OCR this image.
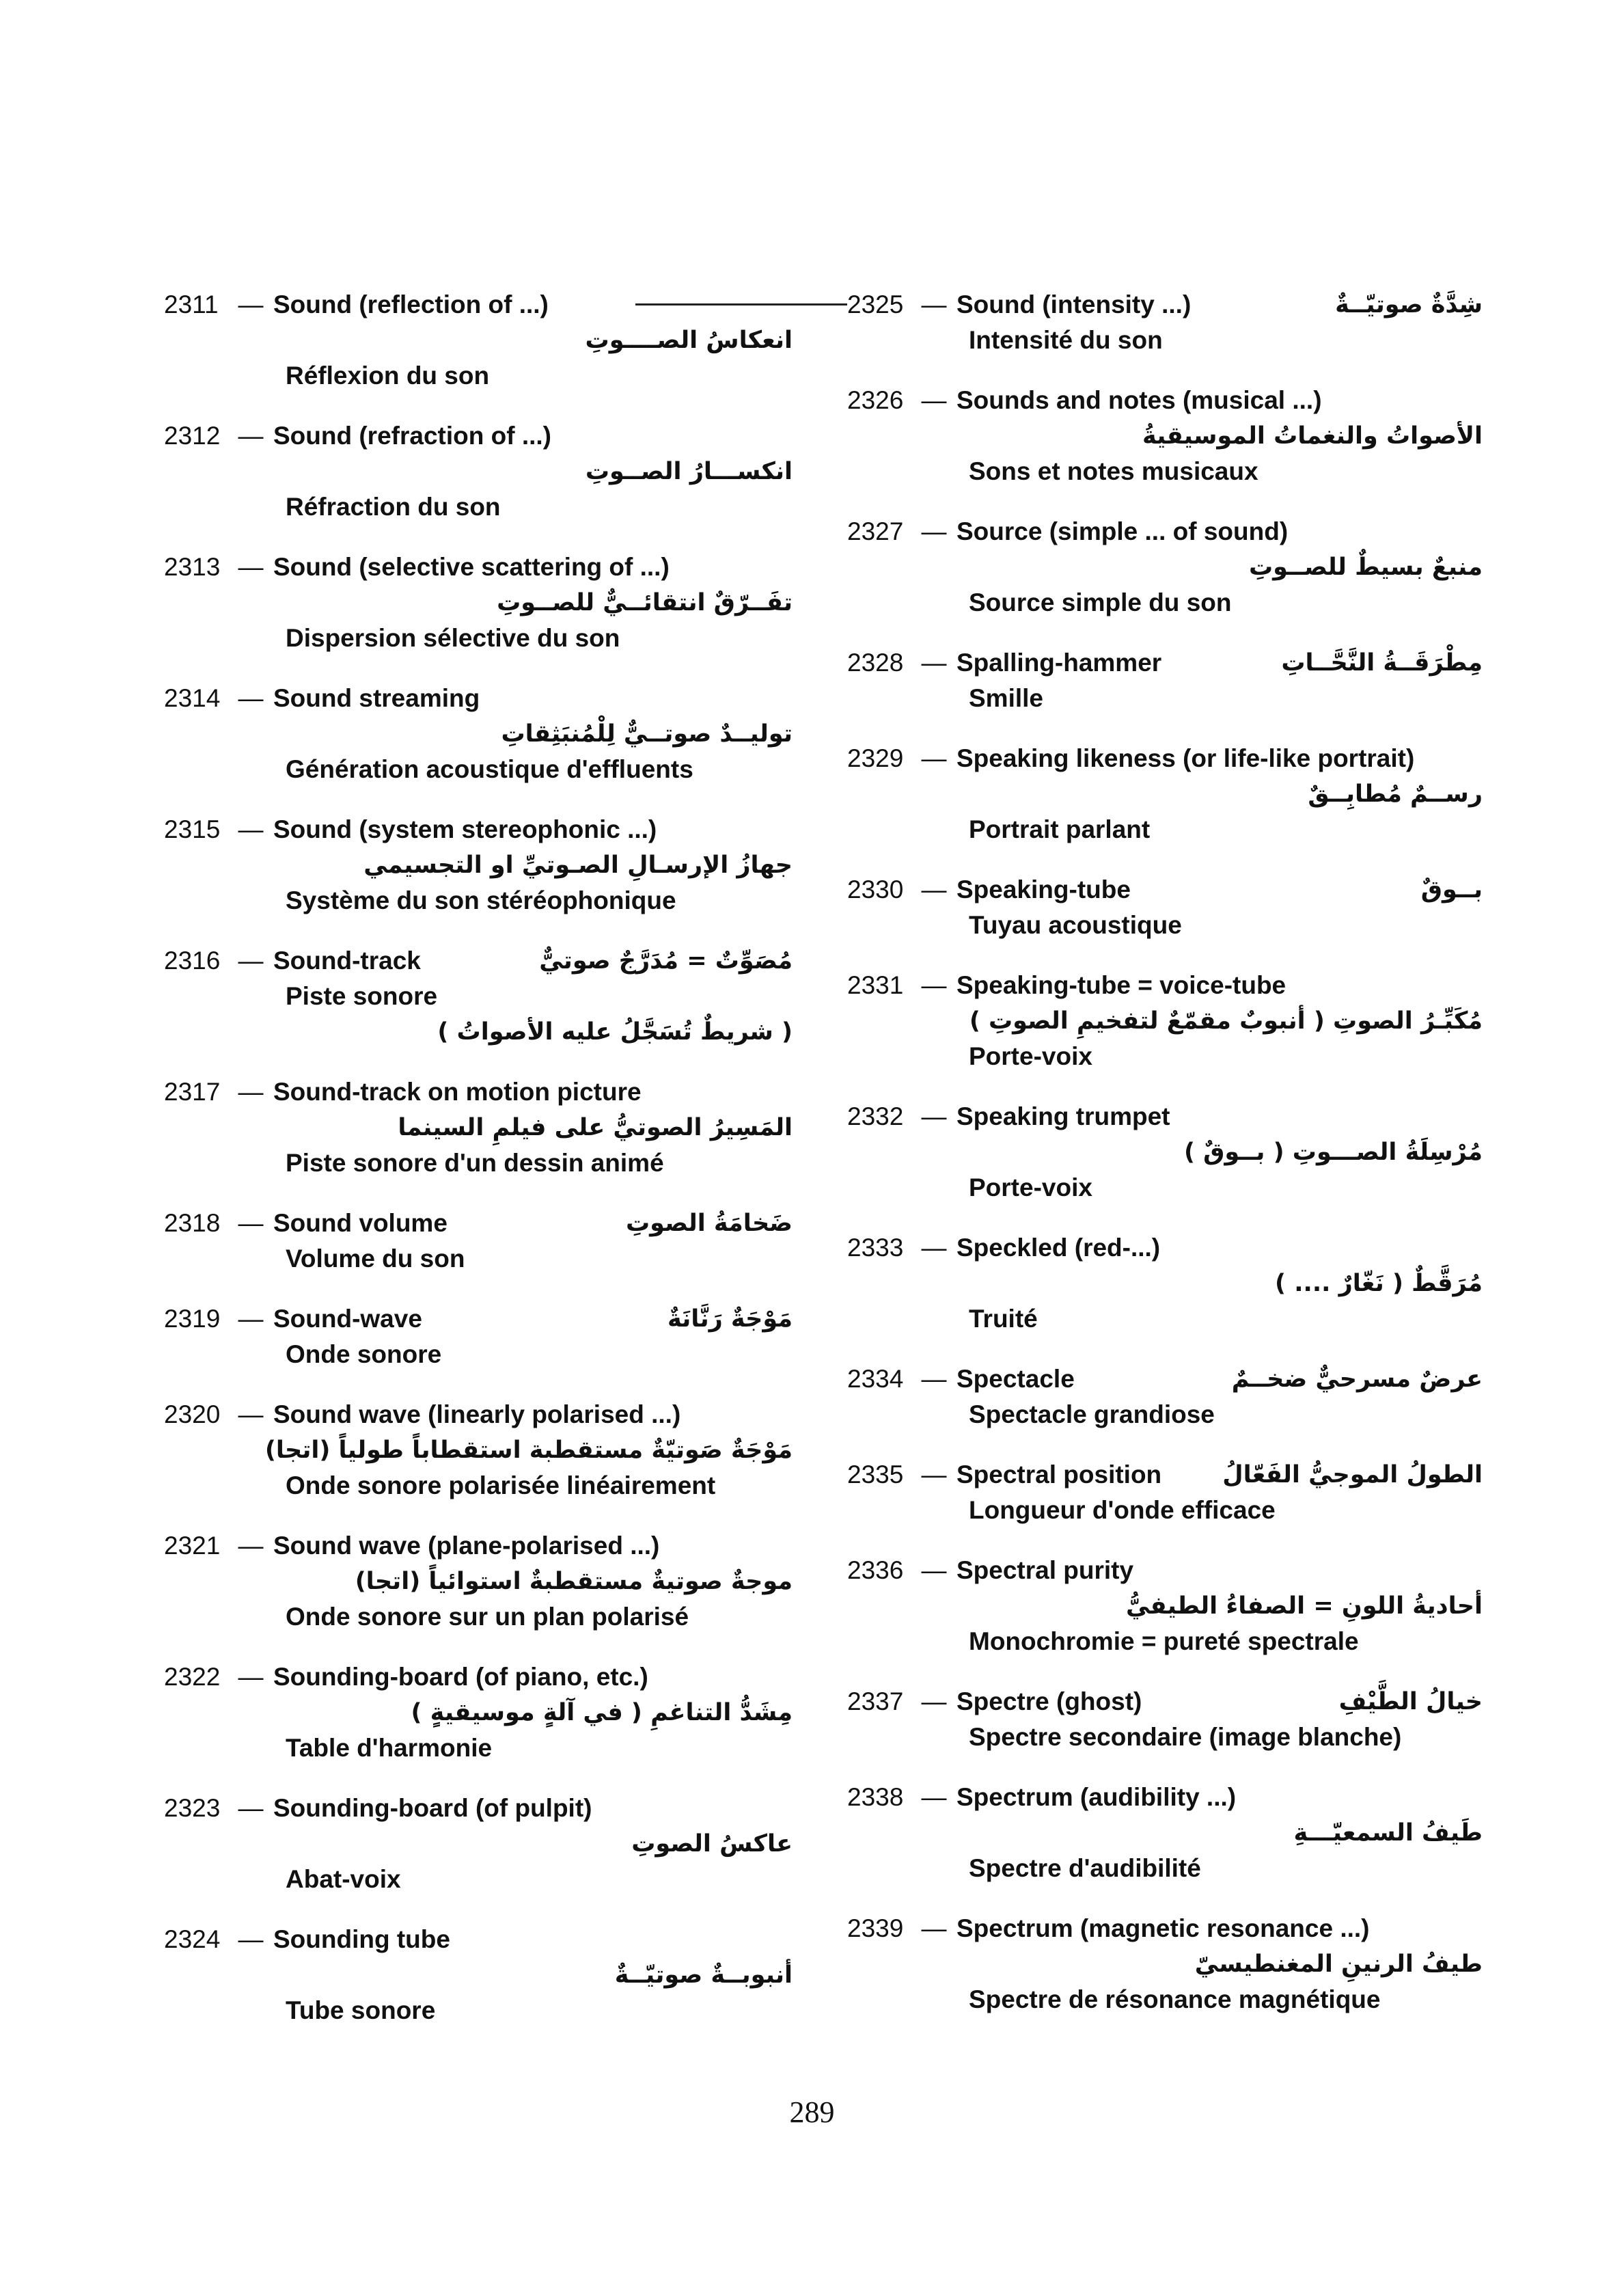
2311 — Sound (reflection of ...)
انعكاسُ الصــــوتِ
Réflexion du son
2312 — Sound (refraction of ...)
انكســـارُ الصــوتِ
Réfraction du son
2313 — Sound (selective scattering of ...)
تفَــرّقٌ انتقائــيٌّ للصــوتِ
Dispersion sélective du son
2314 — Sound streaming
توليــدٌ صوتــيٌّ لِلْمُنبَثِقاتِ
Génération acoustique d'effluents
2315 — Sound (system stereophonic ...)
جهازُ الإرسـالِ الصـوتيِّ او التجسيمي
Système du son stéréophonique
2316 — Sound-track	مُصَوِّتٌ = مُدَرَّجٌ صوتيٌّ
Piste sonore
( شريطٌ تُسَجَّلُ عليه الأصواتُ )
2317 — Sound-track on motion picture
المَسِيرُ الصوتيُّ على فيلمِ السينما
Piste sonore d'un dessin animé
2318 — Sound volume	ضَخامَةُ الصوتِ
Volume du son
2319 — Sound-wave	مَوْجَةٌ رَنَّانَةٌ
Onde sonore
2320 — Sound wave (linearly polarised ...)
مَوْجَةٌ صَوتيّةٌ مستقطبة استقطاباً طولياً (اتجا)
Onde sonore polarisée linéairement
2321 — Sound wave (plane-polarised ...)
موجةٌ صوتيةٌ مستقطبةٌ استوائياً (اتجا)
Onde sonore sur un plan polarisé
2322 — Sounding-board (of piano, etc.)
مِشَدُّ التناغمِ ( في آلةٍ موسيقيةٍ )
Table d'harmonie
2323 — Sounding-board (of pulpit)
عاكسُ الصوتِ
Abat-voix
2324 — Sounding tube
أنبوبــةٌ صوتيّــةٌ
Tube sonore
2325 — Sound (intensity ...)	شِدَّةٌ صوتيّــةٌ
Intensité du son
2326 — Sounds and notes (musical ...)
الأصواتُ والنغماتُ الموسيقيةُ
Sons et notes musicaux
2327 — Source (simple ... of sound)
منبعٌ بسيطٌ للصــوتِ
Source simple du son
2328 — Spalling-hammer	مِطْرَقَــةُ النَّحَّــاتِ
Smille
2329 — Speaking likeness (or life-like portrait)
رســمٌ مُطابِــقٌ
Portrait parlant
2330 — Speaking-tube	بــوقٌ
Tuyau acoustique
2331 — Speaking-tube = voice-tube
مُكَبِّـرُ الصوتِ ( أنبوبٌ مقمّعٌ لتفخيمِ الصوتِ )
Porte-voix
2332 — Speaking trumpet
مُرْسِلَةُ الصـــوتِ ( بــوقٌ )
Porte-voix
2333 — Speckled (red-...)
مُرَقَّطٌ ( نَغّارٌ .... )
Truité
2334 — Spectacle	عرضٌ مسرحيٌّ ضخــمٌ
Spectacle grandiose
2335 — Spectral position	الطولُ الموجيُّ الفَعّالُ
Longueur d'onde efficace
2336 — Spectral purity
أحاديةُ اللونِ = الصفاءُ الطيفيُّ
Monochromie = pureté spectrale
2337 — Spectre (ghost)	خيالُ الطَّيْفِ
Spectre secondaire (image blanche)
2338 — Spectrum (audibility ...)
طَيفُ السمعيّـــةِ
Spectre d'audibilité
2339 — Spectrum (magnetic resonance ...)
طيفُ الرنينِ المغنطيسيّ
Spectre de résonance magnétique
289
